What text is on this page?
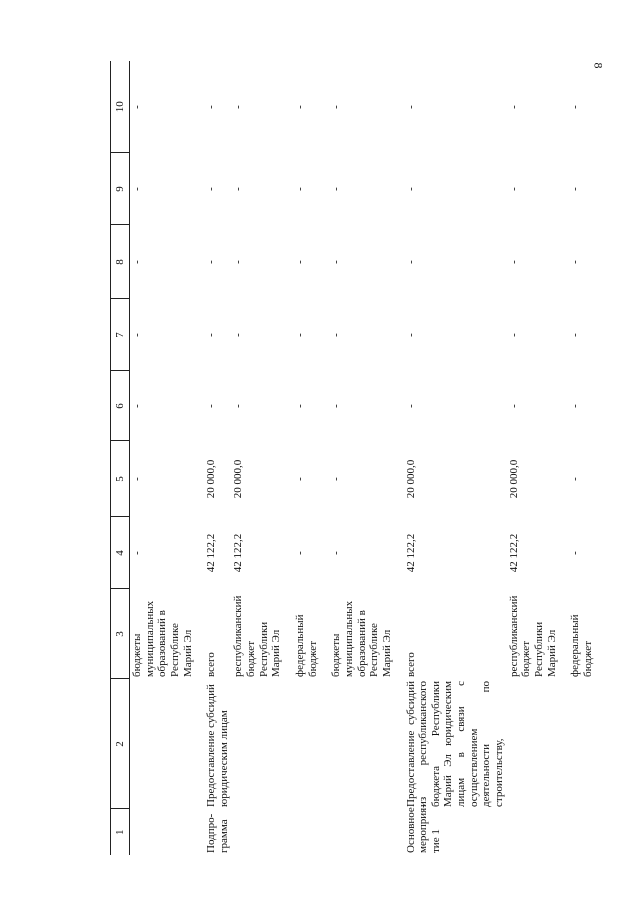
8
1	2	3	4	5	6	7	8	9	10
		бюджеты муниципальных образований в Республике Марий Эл	-	-	-	-	-	-	-
Подпро-грамма	Предоставление субсидий юридическим лицам	всего	42 122,2	20 000,0	-	-	-	-	-
		республиканский бюджет Республики Марий Эл	42 122,2	20 000,0	-	-	-	-	-
		федеральный бюджет	-	-	-	-	-	-	-
		бюджеты муниципальных образований в Республике Марий Эл	-	-	-	-	-	-	-
Основное мероприя-тие 1	Предоставление субсидий из республиканского бюджета Республики Марий Эл юридическим лицам в связи с осуществлением деятельности по строительству,	всего	42 122,2	20 000,0	-	-	-	-	-
		республиканский бюджет Республики Марий Эл	42 122,2	20 000,0	-	-	-	-	-
		федеральный бюджет	-	-	-	-	-	-	-
